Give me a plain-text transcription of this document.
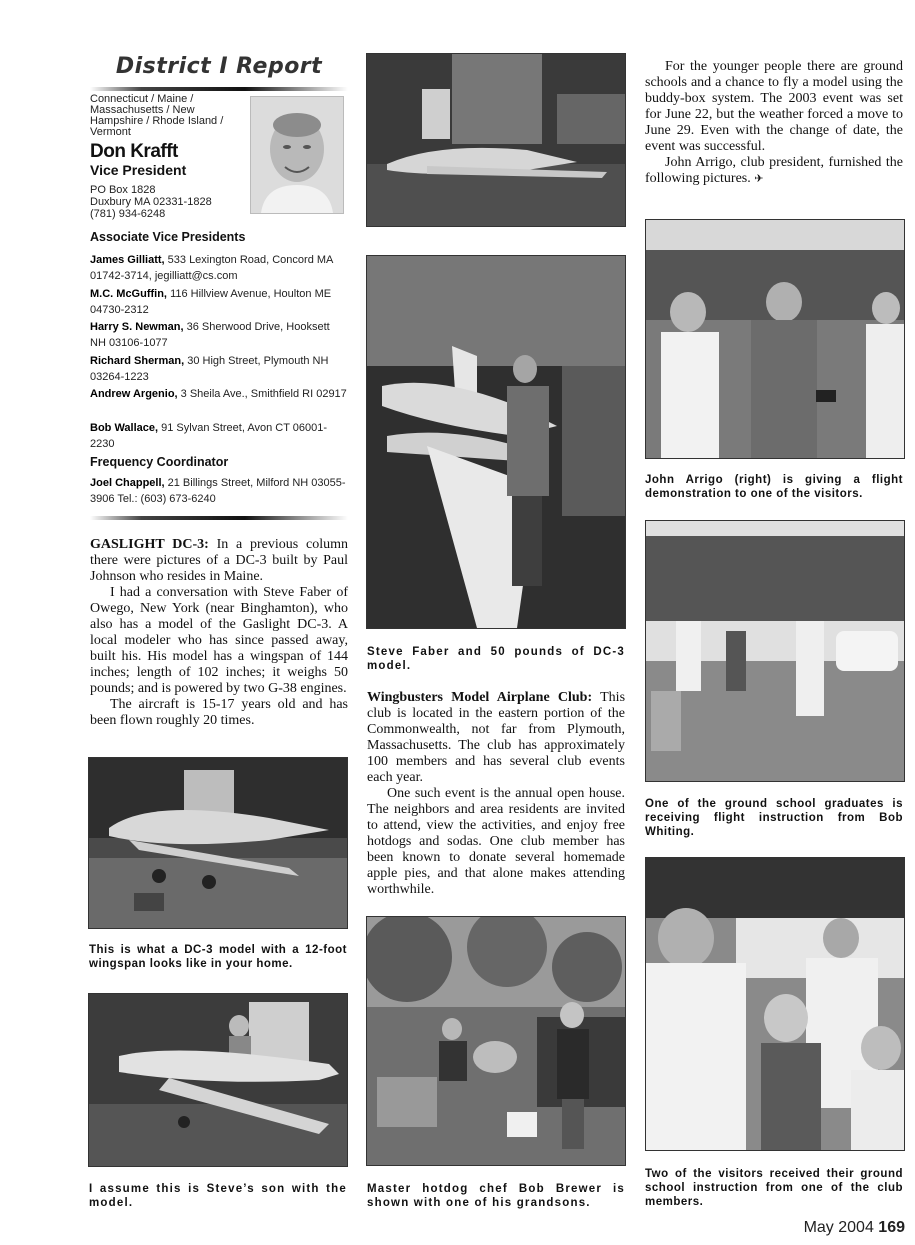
District I Report
Connecticut / Maine / Massachusetts / New Hampshire / Rhode Island / Vermont
Don Krafft
Vice President
PO Box 1828
Duxbury MA 02331-1828
(781) 934-6248
Associate Vice Presidents
James Gilliatt, 533 Lexington Road, Concord MA 01742-3714, jegilliatt@cs.com
M.C. McGuffin, 116 Hillview Avenue, Houlton ME 04730-2312
Harry S. Newman, 36 Sherwood Drive, Hooksett NH 03106-1077
Richard Sherman, 30 High Street, Plymouth NH 03264-1223
Andrew Argenio, 3 Sheila Ave., Smithfield RI 02917
Bob Wallace, 91 Sylvan Street, Avon CT 06001-2230
Frequency Coordinator
Joel Chappell, 21 Billings Street, Milford NH 03055-3906 Tel.: (603) 673-6240

GASLIGHT DC-3: In a previous column there were pictures of a DC-3 built by Paul Johnson who resides in Maine.

I had a conversation with Steve Faber of Owego, New York (near Binghamton), who also has a model of the Gaslight DC-3. A local modeler who has since passed away, built his. His model has a wingspan of 144 inches; length of 102 inches; it weighs 50 pounds; and is powered by two G-38 engines.

The aircraft is 15-17 years old and has been flown roughly 20 times.

This is what a DC-3 model with a 12-foot wingspan looks like in your home.
I assume this is Steve’s son with the model.
Steve Faber and 50 pounds of DC-3 model.

Wingbusters Model Airplane Club: This club is located in the eastern portion of the Commonwealth, not far from Plymouth, Massachusetts. The club has approximately 100 members and has several club events each year.

One such event is the annual open house. The neighbors and area residents are invited to attend, view the activities, and enjoy free hotdogs and sodas. One club member has been known to donate several homemade apple pies, and that alone makes attending worthwhile.

Master hotdog chef Bob Brewer is shown with one of his grandsons.

For the younger people there are ground schools and a chance to fly a model using the buddy-box system. The 2003 event was set for June 22, but the weather forced a move to June 29. Even with the change of date, the event was successful.

John Arrigo, club president, furnished the following pictures. ✈

John Arrigo (right) is giving a flight demonstration to one of the visitors.
One of the ground school graduates is receiving flight instruction from Bob Whiting.
Two of the visitors received their ground school instruction from one of the club members.
May 2004 169
